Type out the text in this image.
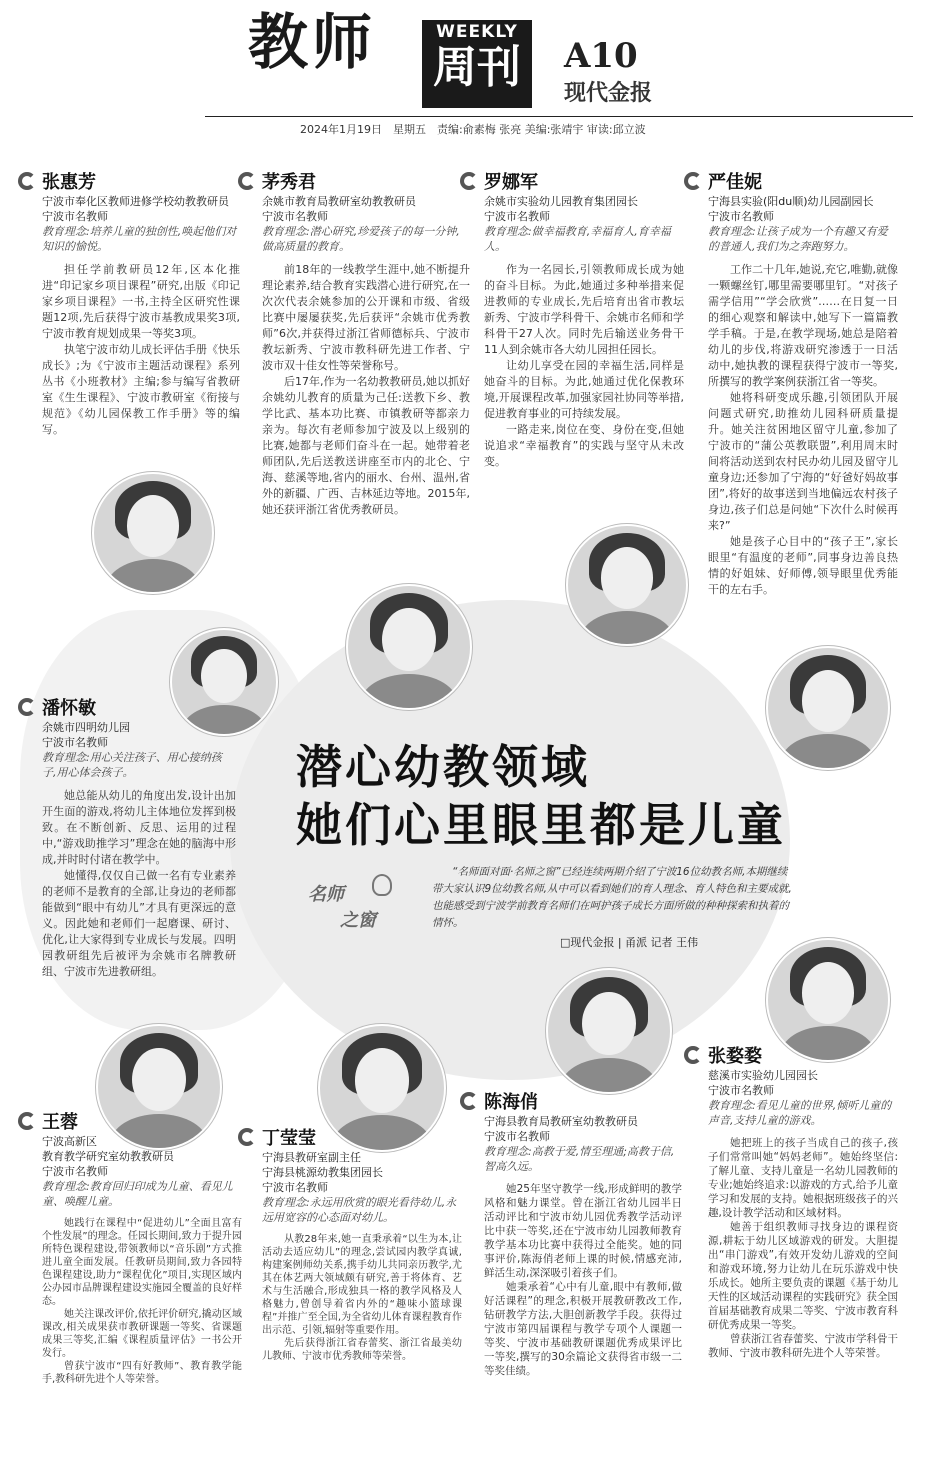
教师	WEEKLY
周刊	A10
现代金报
2024年1月19日　星期五　责编:俞素梅 张亮 美编:张靖宇 审读:邱立波
张惠芳
宁波市奉化区教师进修学校幼教教研员
宁波市名教师
教育理念:培养儿童的独创性,唤起他们对知识的愉悦。

担任学前教研员12年,区本化推进“印记家乡项目课程”研究,出版《印记家乡项目课程》一书,主持全区研究性课题12项,先后获得宁波市基教成果奖3项,宁波市教育规划成果一等奖3项。

执笔宁波市幼儿成长评估手册《快乐成长》;为《宁波市主题活动课程》系列丛书《小班教材》主编;参与编写省教研室《生生课程》、宁波市教研室《衔接与规范》《幼儿园保教工作手册》等的编写。

茅秀君
余姚市教育局教研室幼教教研员
宁波市名教师
教育理念:潜心研究,珍爱孩子的每一分钟,做高质量的教育。

前18年的一线教学生涯中,她不断提升理论素养,结合教育实践潜心进行研究,在一次次代表余姚参加的公开课和市级、省级比赛中屡屡获奖,先后获评“余姚市优秀教师”6次,并获得过浙江省师德标兵、宁波市教坛新秀、宁波市教科研先进工作者、宁波市双十佳女性等荣誉称号。

后17年,作为一名幼教教研员,她以抓好余姚幼儿教育的质量为己任:送教下乡、教学比武、基本功比赛、市镇教研等都亲力亲为。每次有老师参加宁波及以上级别的比赛,她都与老师们奋斗在一起。她带着老师团队,先后送教送讲座至市内的北仑、宁海、慈溪等地,省内的丽水、台州、温州,省外的新疆、广西、吉林延边等地。2015年,她还获评浙江省优秀教研员。

罗娜军
余姚市实验幼儿园教育集团园长
宁波市名教师
教育理念:做幸福教育,幸福育人,育幸福人。

作为一名园长,引领教师成长成为她的奋斗目标。为此,她通过多种举措来促进教师的专业成长,先后培育出省市教坛新秀、宁波市学科骨干、余姚市名师和学科骨干27人次。同时先后输送业务骨干11人到余姚市各大幼儿园担任园长。

让幼儿享受在园的幸福生活,同样是她奋斗的目标。为此,她通过优化保教环境,开展课程改革,加强家园社协同等举措,促进教育事业的可持续发展。

一路走来,岗位在变、身份在变,但她说追求“幸福教育”的实践与坚守从未改变。

严佳妮
宁海县实验(阳du顺)幼儿园副园长
宁波市名教师
教育理念:让孩子成为一个有趣又有爱的普通人,我们为之奔跑努力。

工作二十几年,她说,充它,唯勤,就像一颗螺丝钉,哪里需要哪里钉。“对孩子需学信用”“学会欣赏”……在日复一日的细心观察和解读中,她写下一篇篇教学手稿。于是,在教学现场,她总是陪着幼儿的步伐,将游戏研究渗透于一日活动中,她执教的课程获得宁波市一等奖,所撰写的教学案例获浙江省一等奖。

她将科研变成乐趣,引领团队开展问题式研究,助推幼儿园科研质量提升。她关注贫困地区留守儿童,参加了宁波市的“蒲公英教联盟”,利用周末时间将活动送到农村民办幼儿园及留守儿童身边;还参加了宁海的“好爸好妈故事团”,将好的故事送到当地偏远农村孩子身边,孩子们总是问她“下次什么时候再来?”

她是孩子心目中的“孩子王”,家长眼里“有温度的老师”,同事身边善良热情的好姐妹、好师傅,领导眼里优秀能干的左右手。

潘怀敏
余姚市四明幼儿园
宁波市名教师
教育理念:用心关注孩子、用心接纳孩子,用心体会孩子。

她总能从幼儿的角度出发,设计出加开生面的游戏,将幼儿主体地位发挥到极致。在不断创新、反思、运用的过程中,“游戏助推学习”理念在她的脑海中形成,并时时付诸在教学中。

她懂得,仅仅自己做一名有专业素养的老师不是教育的全部,让身边的老师都能做到“眼中有幼儿”才具有更深远的意义。因此她和老师们一起磨课、研讨、优化,让大家得到专业成长与发展。四明园教研组先后被评为余姚市名牌教研组、宁波市先进教研组。

王蓉
宁波高新区
教育教学研究室幼教教研员
宁波市名教师
教育理念:教育回归印成为儿童、看见儿童、唤醒儿童。

她践行在课程中“促进幼儿”全面且富有个性发展”的理念。任园长期间,致力于提升园所特色课程建设,带领教师以“音乐剧”方式推进儿童全面发展。任教研员期间,致力各园特色课程建设,助力“课程优化”项目,实现区域内公办园市品牌课程建设实施园全覆盖的良好样态。

她关注课改评价,依托评价研究,撬动区域课改,相关成果获市教研课题一等奖、省课题成果三等奖,汇编《课程质量评估》一书公开发行。

曾获宁波市“四有好教师”、教育教学能手,教科研先进个人等荣誉。

丁莹莹
宁海县教研室副主任
宁海县桃源幼教集团园长
宁波市名教师
教育理念:永远用欣赏的眼光看待幼儿,永远用宽容的心态面对幼儿。

从教28年来,她一直秉承着“以生为本,让活动去适应幼儿”的理念,尝试园内教学真诚,构建案例师幼关系,携手幼儿共同亲历教学,尤其在体艺两大领域颇有研究,善于将体育、艺术与生活融合,形成独具一格的教学风格及人格魅力,曾创导着省内外的“趣味小篮球课程”并推广至全国,为全省幼儿体育课程教育作出示范、引领,辐射等重要作用。

先后获得浙江省春蕾奖、浙江省最美幼儿教师、宁波市优秀教师等荣誉。

陈海俏
宁海县教育局教研室幼教教研员
宁波市名教师
教育理念:高教于爱,情至理通;高教于信,智高久远。

她25年坚守教学一线,形成鲜明的教学风格和魅力课堂。曾在浙江省幼儿园半日活动评比和宁波市幼儿园优秀教学活动评比中获一等奖,还在宁波市幼儿园教师教育教学基本功比赛中获得过全能奖。她的同事评价,陈海俏老师上课的时候,情感充沛,鲜活生动,深深吸引着孩子们。

她秉承着“心中有儿童,眼中有教师,做好活课程”的理念,积极开展教研教改工作,钻研教学方法,大胆创新教学手段。获得过宁波市第四届课程与教学专项个人课题一等奖、宁波市基础教研课题优秀成果评比一等奖,撰写的30余篇论文获得省市级一二等奖佳绩。

张婺婺
慈溪市实验幼儿园园长
宁波市名教师
教育理念:看见儿童的世界,倾听儿童的声音,支持儿童的游戏。

她把班上的孩子当成自己的孩子,孩子们常常叫她“妈妈老师”。她始终坚信:了解儿童、支持儿童是一名幼儿园教师的专业;她始终追求:以游戏的方式,给予儿童学习和发展的支持。她根据班级孩子的兴趣,设计教学活动和区域材料。

她善于组织教师寻找身边的课程资源,耕耘于幼儿区域游戏的研发。大胆提出“串门游戏”,有效开发幼儿游戏的空间和游戏环境,努力让幼儿在玩乐游戏中快乐成长。她所主要负责的课题《基于幼儿天性的区域活动课程的实践研究》获全国首届基础教育成果二等奖、宁波市教育科研优秀成果一等奖。

曾获浙江省春蕾奖、宁波市学科骨干教师、宁波市教科研先进个人等荣誉。

潜心幼教领域
她们心里眼里都是儿童
名师
之窗
“名师面对面·名师之窗”已经连续两期介绍了宁波16位幼教名师,本期继续带大家认识9位幼教名师,从中可以看到她们的育人理念、育人特色和主要成就,也能感受到宁波学前教育名师们在呵护孩子成长方面所做的种种探索和执着的情怀。
□现代金报 | 甬派 记者 王伟
